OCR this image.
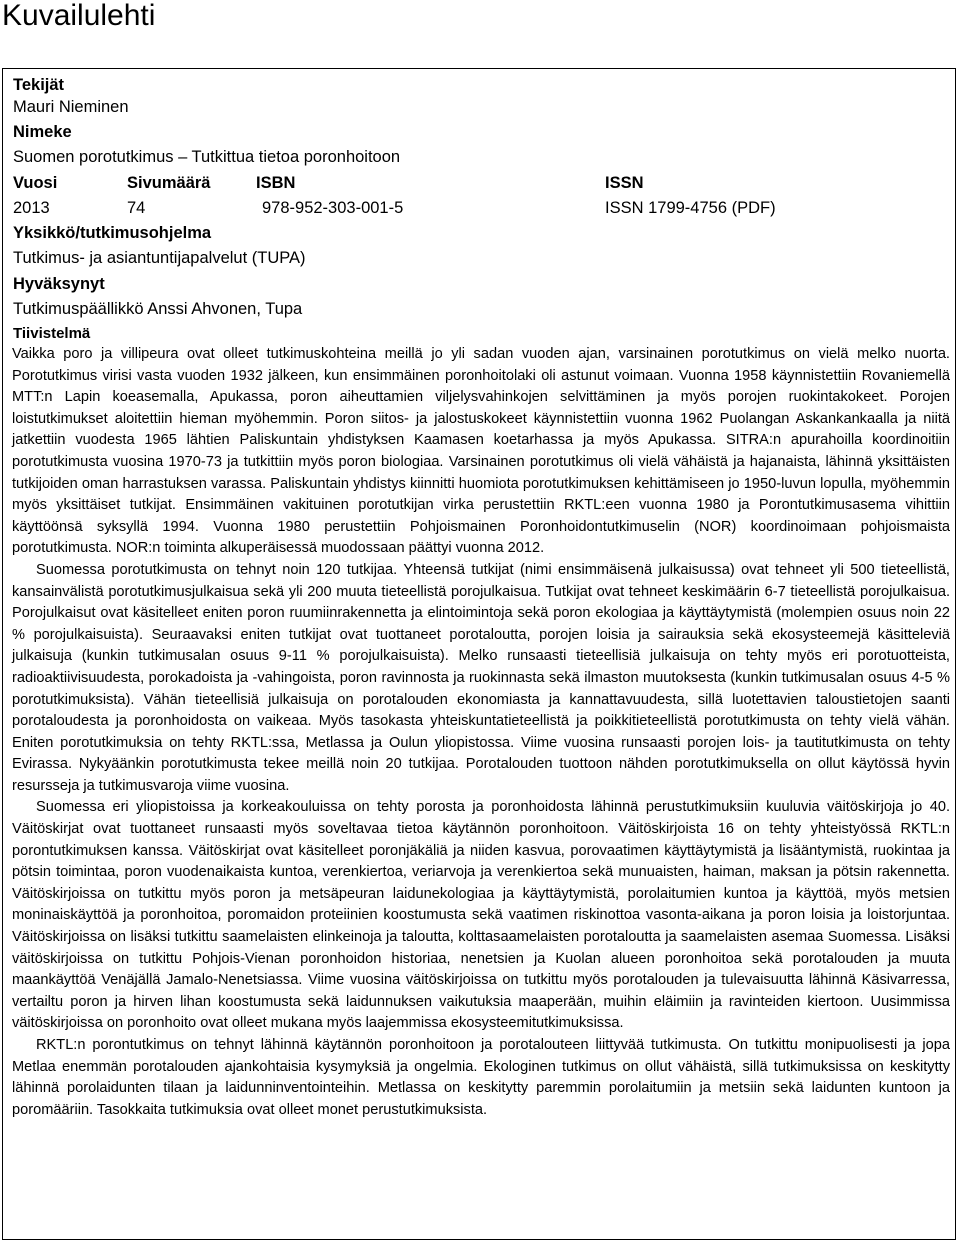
Kuvailulehti
Tekijät
Mauri Nieminen
Nimeke
Suomen porotutkimus – Tutkittua tietoa poronhoitoon
Vuosi
2013
Sivumäärä
74
ISBN
978-952-303-001-5
ISSN
ISSN 1799-4756 (PDF)
Yksikkö/tutkimusohjelma
Tutkimus- ja asiantuntijapalvelut (TUPA)
Hyväksynyt
Tutkimuspäällikkö Anssi Ahvonen, Tupa
Tiivistelmä

Vaikka poro ja villipeura ovat olleet tutkimuskohteina meillä jo yli sadan vuoden ajan, varsinainen porotutkimus on vielä melko nuorta. Porotutkimus virisi vasta vuoden 1932 jälkeen, kun ensimmäinen poronhoitolaki oli astunut voimaan. Vuonna 1958 käynnistettiin Rovaniemellä MTT:n Lapin koeasemalla, Apukassa, poron aiheuttamien viljelysvahinkojen selvittäminen ja myös porojen ruokintakokeet. Porojen loistutkimukset aloitettiin hieman myöhemmin. Poron siitos- ja jalostuskokeet käynnistettiin vuonna 1962 Puolangan Askankankaalla ja niitä jatkettiin vuodesta 1965 lähtien Paliskuntain yhdistyksen Kaamasen koetarhassa ja myös Apukassa. SITRA:n apurahoilla koordinoitiin porotutkimusta vuosina 1970-73 ja tutkittiin myös poron biologiaa. Varsinainen porotutkimus oli vielä vähäistä ja hajanaista, lähinnä yksittäisten tutkijoiden oman harrastuksen varassa. Paliskuntain yhdistys kiinnitti huomiota porotutkimuksen kehittämiseen jo 1950-luvun lopulla, myöhemmin myös yksittäiset tutkijat. Ensimmäinen vakituinen porotutkijan virka perustettiin RKTL:een vuonna 1980 ja Porontutkimusasema vihittiin käyttöönsä syksyllä 1994. Vuonna 1980 perustettiin Pohjoismainen Poronhoidontutkimuselin (NOR) koordinoimaan pohjoismaista porotutkimusta. NOR:n toiminta alkuperäisessä muodossaan päättyi vuonna 2012.

Suomessa porotutkimusta on tehnyt noin 120 tutkijaa. Yhteensä tutkijat (nimi ensimmäisenä julkaisussa) ovat tehneet yli 500 tieteellistä, kansainvälistä porotutkimusjulkaisua sekä yli 200 muuta tieteellistä porojulkaisua. Tutkijat ovat tehneet keskimäärin 6-7 tieteellistä porojulkaisua. Porojulkaisut ovat käsitelleet eniten poron ruumiinrakennetta ja elintoimintoja sekä poron ekologiaa ja käyttäytymistä (molempien osuus noin 22 % porojulkaisuista). Seuraavaksi eniten tutkijat ovat tuottaneet porotaloutta, porojen loisia ja sairauksia sekä ekosysteemejä käsitteleviä julkaisuja (kunkin tutkimusalan osuus 9-11 % porojulkaisuista). Melko runsaasti tieteellisiä julkaisuja on tehty myös eri porotuotteista, radioaktiivisuudesta, porokadoista ja -vahingoista, poron ravinnosta ja ruokinnasta sekä ilmaston muutoksesta (kunkin tutkimusalan osuus 4-5 % porotutkimuksista). Vähän tieteellisiä julkaisuja on porotalouden ekonomiasta ja kannattavuudesta, sillä luotettavien taloustietojen saanti porotaloudesta ja poronhoidosta on vaikeaa. Myös tasokasta yhteiskuntatieteellistä ja poikkitieteellistä porotutkimusta on tehty vielä vähän. Eniten porotutkimuksia on tehty RKTL:ssa, Metlassa ja Oulun yliopistossa. Viime vuosina runsaasti porojen lois- ja tautitutkimusta on tehty Evirassa. Nykyäänkin porotutkimusta tekee meillä noin 20 tutkijaa. Porotalouden tuottoon nähden porotutkimuksella on ollut käytössä hyvin resursseja ja tutkimusvaroja viime vuosina.

Suomessa eri yliopistoissa ja korkeakouluissa on tehty porosta ja poronhoidosta lähinnä perustutkimuksiin kuuluvia väitöskirjoja jo 40. Väitöskirjat ovat tuottaneet runsaasti myös soveltavaa tietoa käytännön poronhoitoon. Väitöskirjoista 16 on tehty yhteistyössä RKTL:n porontutkimuksen kanssa. Väitöskirjat ovat käsitelleet poronjäkäliä ja niiden kasvua, porovaatimen käyttäytymistä ja lisääntymistä, ruokintaa ja pötsin toimintaa, poron vuodenaikaista kuntoa, verenkiertoa, veriarvoja ja verenkiertoa sekä munuaisten, haiman, maksan ja pötsin rakennetta. Väitöskirjoissa on tutkittu myös poron ja metsäpeuran laidunekologiaa ja käyttäytymistä, porolaitumien kuntoa ja käyttöä, myös metsien moninaiskäyttöä ja poronhoitoa, poromaidon proteiinien koostumusta sekä vaatimen riskinottoa vasonta-aikana ja poron loisia ja loistorjuntaa. Väitöskirjoissa on lisäksi tutkittu saamelaisten elinkeinoja ja taloutta, kolttasaamelaisten porotaloutta ja saamelaisten asemaa Suomessa. Lisäksi väitöskirjoissa on tutkittu Pohjois-Vienan poronhoidon historiaa, nenetsien ja Kuolan alueen poronhoitoa sekä porotalouden ja muuta maankäyttöä Venäjällä Jamalo-Nenetsiassa. Viime vuosina väitöskirjoissa on tutkittu myös porotalouden ja tulevaisuutta lähinnä Käsivarressa, vertailtu poron ja hirven lihan koostumusta sekä laidunnuksen vaikutuksia maaperään, muihin eläimiin ja ravinteiden kiertoon. Uusimmissa väitöskirjoissa on poronhoito ovat olleet mukana myös laajemmissa ekosysteemitutkimuksissa.

RKTL:n porontutkimus on tehnyt lähinnä käytännön poronhoitoon ja porotalouteen liittyvää tutkimusta. On tutkittu monipuolisesti ja jopa Metlaa enemmän porotalouden ajankohtaisia kysymyksiä ja ongelmia. Ekologinen tutkimus on ollut vähäistä, sillä tutkimuksissa on keskitytty lähinnä porolaidunten tilaan ja laidunninventointeihin. Metlassa on keskitytty paremmin porolaitumiin ja metsiin sekä laidunten kuntoon ja poromääriin. Tasokkaita tutkimuksia ovat olleet monet perustutkimuksista.
